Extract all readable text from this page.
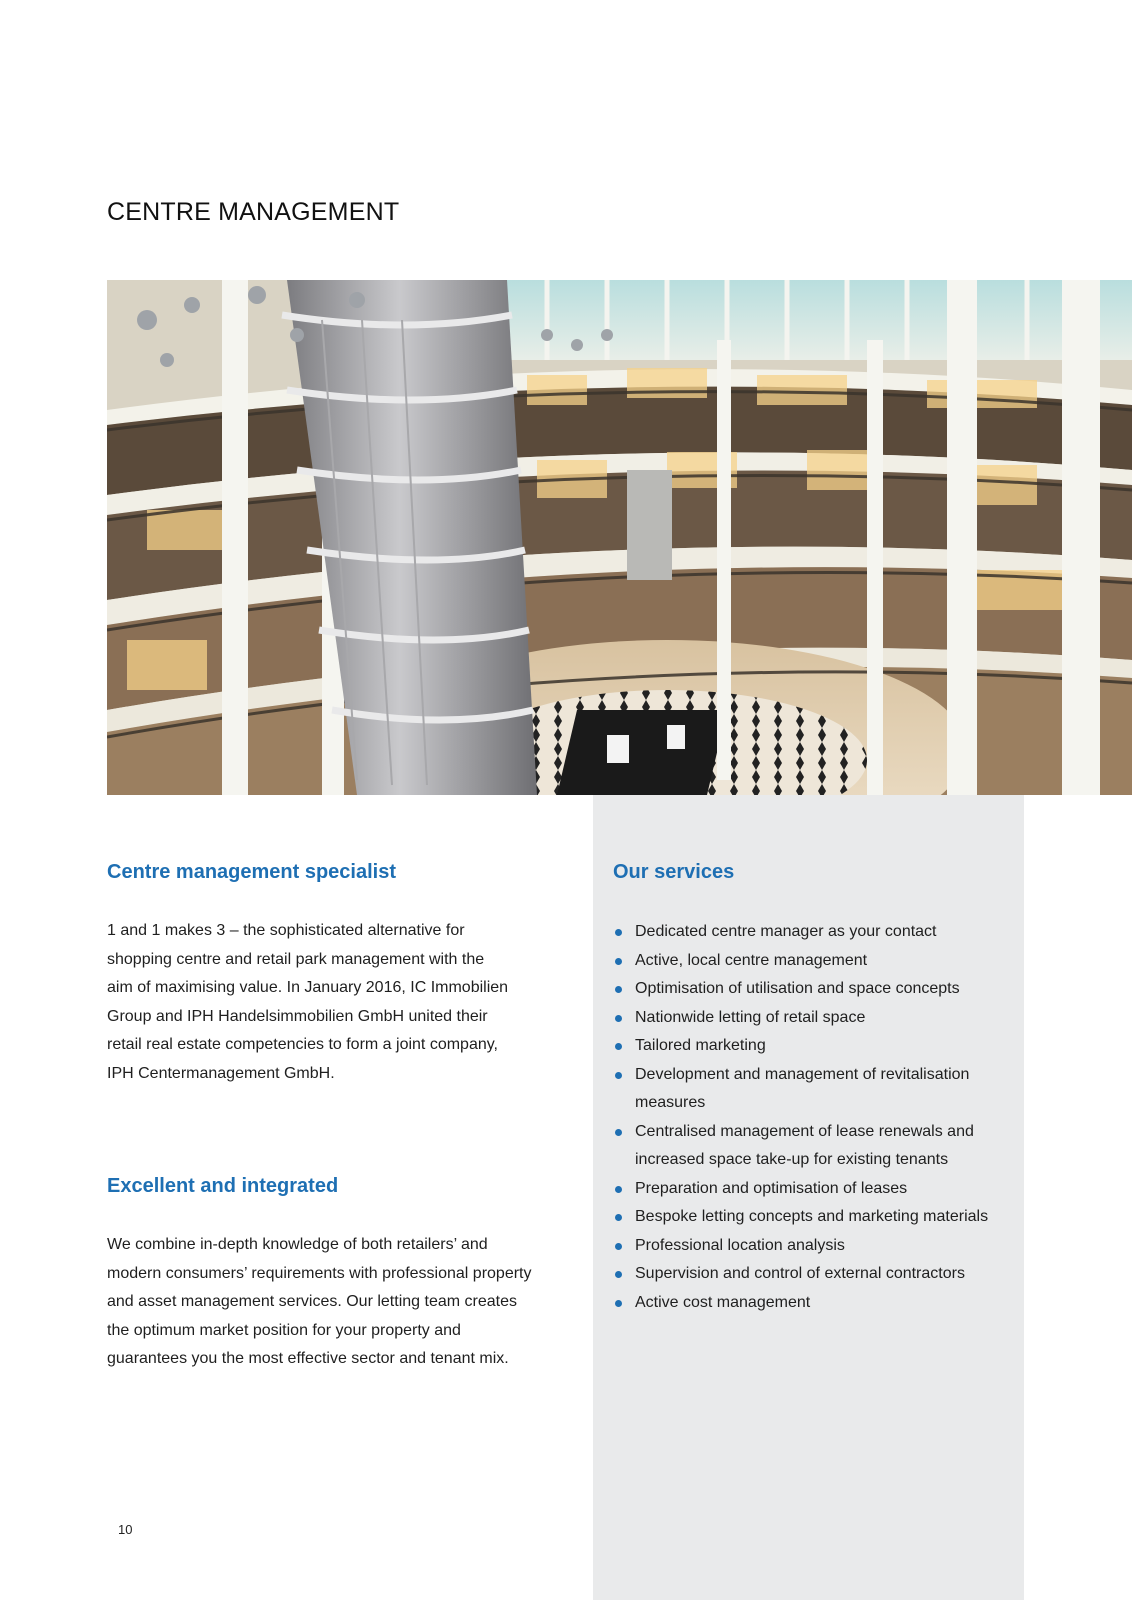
CENTRE MANAGEMENT
Centre management specialist
1 and 1 makes 3 – the sophisticated alternative for
shopping centre and retail park management with the
aim of maximising value. In January 2016, IC Immobilien
Group and IPH Handelsimmobilien GmbH united their
retail real estate competencies to form a joint company,
IPH Centermanagement GmbH.
Excellent and integrated
We combine in-depth knowledge of both retailers’ and
modern consumers’ requirements with professional property
and asset management services. Our letting team creates
the optimum market position for your property and
guarantees you the most effective sector and tenant mix.
Our services
Dedicated centre manager as your contact
Active, local centre management
Optimisation of utilisation and space concepts
Nationwide letting of retail space
Tailored marketing
Development and management of revitalisation
measures
Centralised management of lease renewals and
increased space take-up for existing tenants
Preparation and optimisation of leases
Bespoke letting concepts and marketing materials
Professional location analysis
Supervision and control of external contractors
Active cost management
10
